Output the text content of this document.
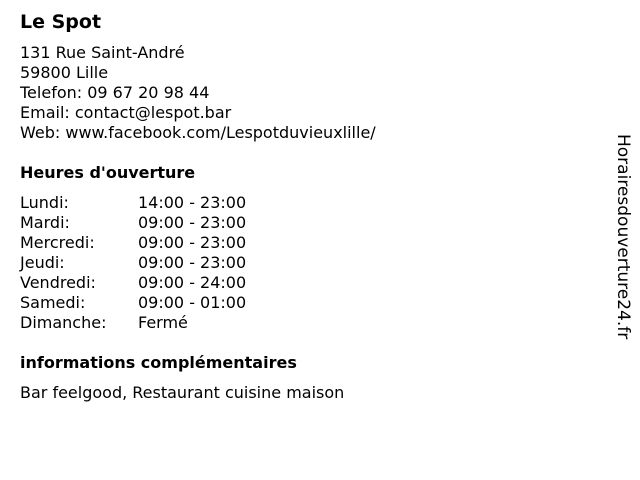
Le Spot
131 Rue Saint-André
59800 Lille
Telefon: 09 67 20 98 44
Email: contact@lespot.bar
Web: www.facebook.com/Lespotduvieuxlille/
Heures d'ouverture
Lundi:	14:00 - 23:00
Mardi:	09:00 - 23:00
Mercredi:	09:00 - 23:00
Jeudi:	09:00 - 23:00
Vendredi:	09:00 - 24:00
Samedi:	09:00 - 01:00
Dimanche:	Fermé
informations complémentaires
Bar feelgood, Restaurant cuisine maison
Horairesdouverture24.fr
